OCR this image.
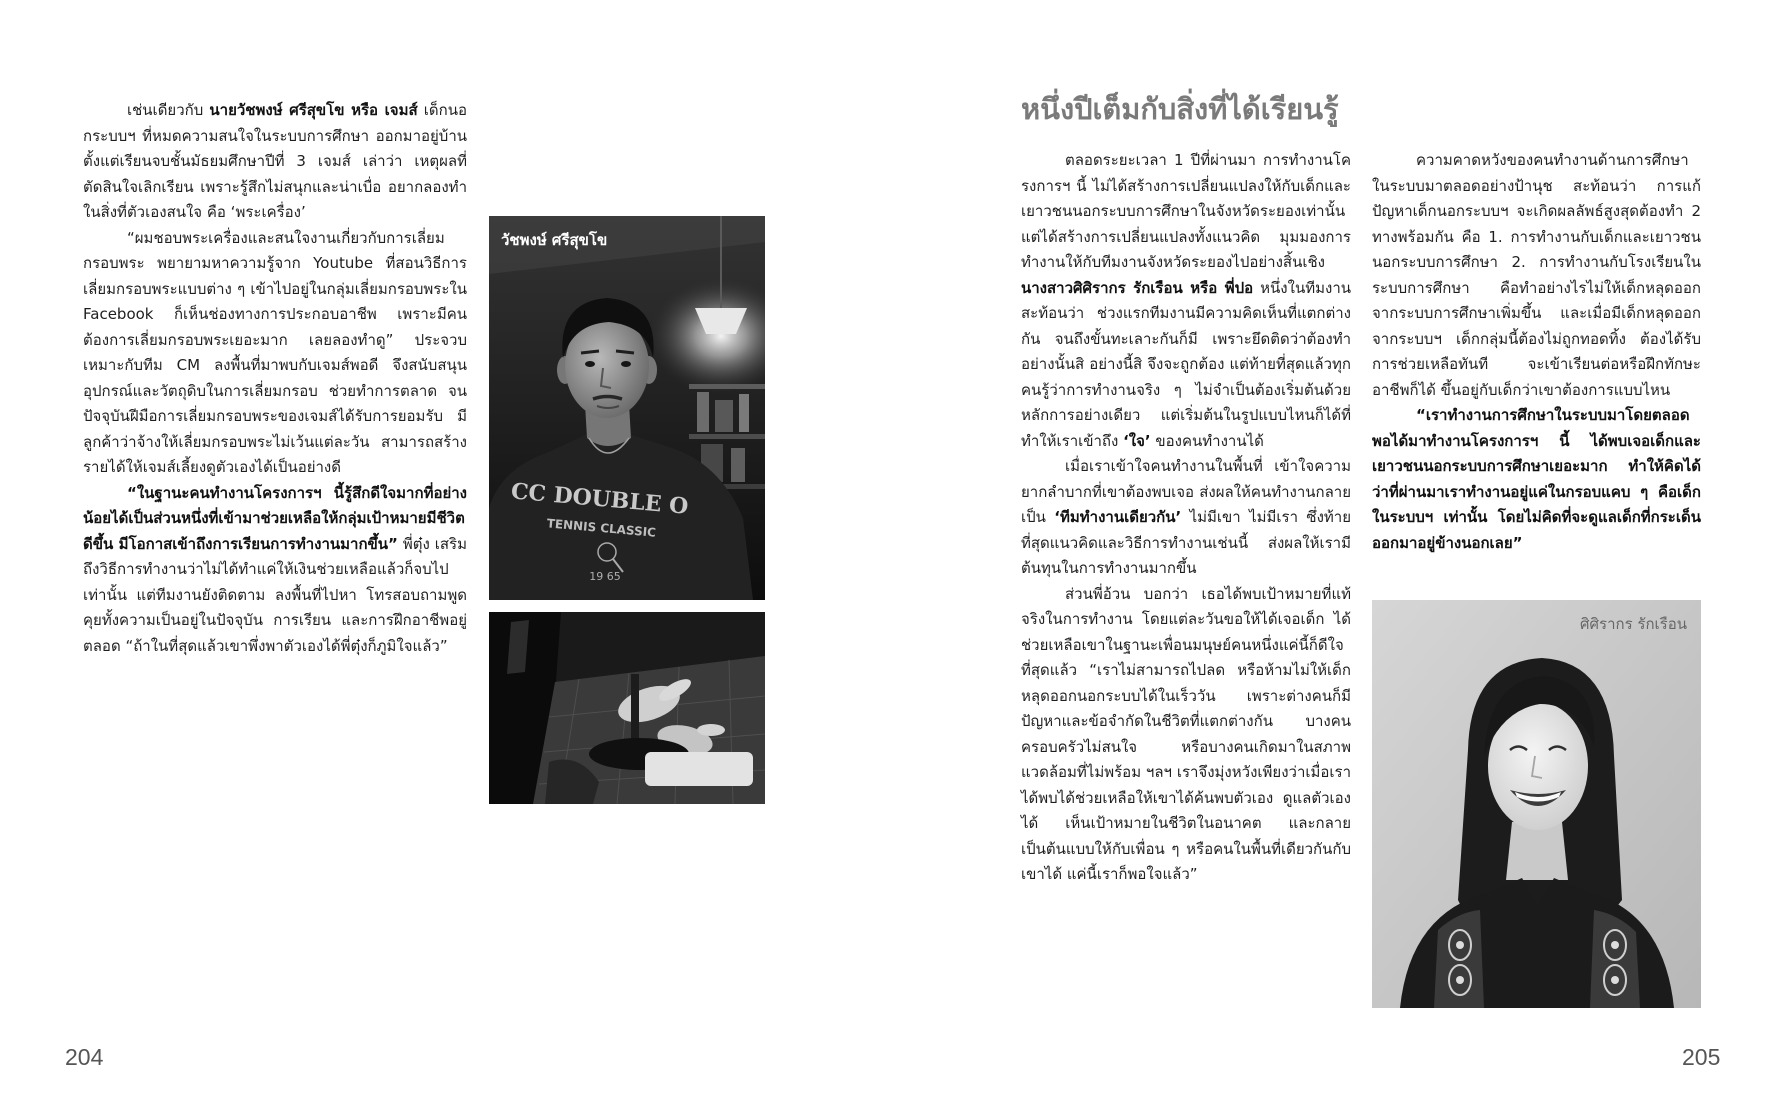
เช่นเดียวกับ นายวัชพงษ์ ศรีสุขโข หรือ เจมส์ เด็กนอกระบบฯ ที่หมดความสนใจในระบบการศึกษา ออกมาอยู่บ้านตั้งแต่เรียนจบชั้นมัธยมศึกษาปีที่ 3 เจมส์ เล่าว่า เหตุผลที่ตัดสินใจเลิกเรียน เพราะรู้สึกไม่สนุกและน่าเบื่อ อยากลองทำในสิ่งที่ตัวเองสนใจ คือ ‘พระเครื่อง’

“ผมชอบพระเครื่องและสนใจงานเกี่ยวกับการเลี่ยมกรอบพระ พยายามหาความรู้จาก Youtube ที่สอนวิธีการเลี่ยมกรอบพระแบบต่าง ๆ เข้าไปอยู่ในกลุ่มเลี่ยมกรอบพระใน Facebook ก็เห็นช่องทางการประกอบอาชีพ เพราะมีคนต้องการเลี่ยมกรอบพระเยอะมาก เลยลองทำดู” ประจวบเหมาะกับทีม CM ลงพื้นที่มาพบกับเจมส์พอดี จึงสนับสนุนอุปกรณ์และวัตถุดิบในการเลี่ยมกรอบ ช่วยทำการตลาด จนปัจจุบันฝีมือการเลี่ยมกรอบพระของเจมส์ได้รับการยอมรับ มีลูกค้าว่าจ้างให้เลี่ยมกรอบพระไม่เว้นแต่ละวัน สามารถสร้างรายได้ให้เจมส์เลี้ยงดูตัวเองได้เป็นอย่างดี

“ในฐานะคนทำงานโครงการฯ นี้รู้สึกดีใจมากที่อย่างน้อยได้เป็นส่วนหนึ่งที่เข้ามาช่วยเหลือให้กลุ่มเป้าหมายมีชีวิตดีขึ้น มีโอกาสเข้าถึงการเรียนการทำงานมากขึ้น” พี่ตุ๋ง เสริมถึงวิธีการทำงานว่าไม่ได้ทำแค่ให้เงินช่วยเหลือแล้วก็จบไปเท่านั้น แต่ทีมงานยังติดตาม ลงพื้นที่ไปหา โทรสอบถามพูดคุยทั้งความเป็นอยู่ในปัจจุบัน การเรียน และการฝึกอาชีพอยู่ตลอด “ถ้าในที่สุดแล้วเขาพึ่งพาตัวเองได้พี่ตุ๋งก็ภูมิใจแล้ว”

CC DOUBLE O
TENNIS CLASSIC
19 65
วัชพงษ์ ศรีสุขโข
204
หนึ่งปีเต็มกับสิ่งที่ได้เรียนรู้

ตลอดระยะเวลา 1 ปีที่ผ่านมา การทำงานโครงการฯ นี้ ไม่ได้สร้างการเปลี่ยนแปลงให้กับเด็กและเยาวชนนอกระบบการศึกษาในจังหวัดระยองเท่านั้น แต่ได้สร้างการเปลี่ยนแปลงทั้งแนวคิด มุมมองการทำงานให้กับทีมงานจังหวัดระยองไปอย่างสิ้นเชิง นางสาวศิศิรากร รักเรือน หรือ พี่ปอ หนึ่งในทีมงานสะท้อนว่า ช่วงแรกทีมงานมีความคิดเห็นที่แตกต่างกัน จนถึงขั้นทะเลาะกันก็มี เพราะยึดติดว่าต้องทำอย่างนั้นสิ อย่างนี้สิ จึงจะถูกต้อง แต่ท้ายที่สุดแล้วทุกคนรู้ว่าการทำงานจริง ๆ ไม่จำเป็นต้องเริ่มต้นด้วยหลักการอย่างเดียว แต่เริ่มต้นในรูปแบบไหนก็ได้ที่ทำให้เราเข้าถึง ‘ใจ’ ของคนทำงานได้

เมื่อเราเข้าใจคนทำงานในพื้นที่ เข้าใจความยากลำบากที่เขาต้องพบเจอ ส่งผลให้คนทำงานกลายเป็น ‘ทีมทำงานเดียวกัน’ ไม่มีเขา ไม่มีเรา ซึ่งท้ายที่สุดแนวคิดและวิธีการทำงานเช่นนี้ ส่งผลให้เรามีต้นทุนในการทำงานมากขึ้น

ส่วนพี่อ้วน บอกว่า เธอได้พบเป้าหมายที่แท้จริงในการทำงาน โดยแต่ละวันขอให้ได้เจอเด็ก ได้ช่วยเหลือเขาในฐานะเพื่อนมนุษย์คนหนึ่งแค่นี้ก็ดีใจที่สุดแล้ว “เราไม่สามารถไปลด หรือห้ามไม่ให้เด็กหลุดออกนอกระบบได้ในเร็ววัน เพราะต่างคนก็มีปัญหาและข้อจำกัดในชีวิตที่แตกต่างกัน บางคนครอบครัวไม่สนใจ หรือบางคนเกิดมาในสภาพแวดล้อมที่ไม่พร้อม ฯลฯ เราจึงมุ่งหวังเพียงว่าเมื่อเราได้พบได้ช่วยเหลือให้เขาได้ค้นพบตัวเอง ดูแลตัวเองได้ เห็นเป้าหมายในชีวิตในอนาคต และกลายเป็นต้นแบบให้กับเพื่อน ๆ หรือคนในพื้นที่เดียวกันกับเขาได้ แค่นี้เราก็พอใจแล้ว”

ความคาดหวังของคนทำงานด้านการศึกษาในระบบมาตลอดอย่างป้านุช สะท้อนว่า การแก้ปัญหาเด็กนอกระบบฯ จะเกิดผลลัพธ์สูงสุดต้องทำ 2 ทางพร้อมกัน คือ 1. การทำงานกับเด็กและเยาวชนนอกระบบการศึกษา 2. การทำงานกับโรงเรียนในระบบการศึกษา คือทำอย่างไรไม่ให้เด็กหลุดออกจากระบบการศึกษาเพิ่มขึ้น และเมื่อมีเด็กหลุดออกจากระบบฯ เด็กกลุ่มนี้ต้องไม่ถูกทอดทิ้ง ต้องได้รับการช่วยเหลือทันที จะเข้าเรียนต่อหรือฝึกทักษะอาชีพก็ได้ ขึ้นอยู่กับเด็กว่าเขาต้องการแบบไหน

“เราทำงานการศึกษาในระบบมาโดยตลอด พอได้มาทำงานโครงการฯ นี้ ได้พบเจอเด็กและเยาวชนนอกระบบการศึกษาเยอะมาก ทำให้คิดได้ว่าที่ผ่านมาเราทำงานอยู่แค่ในกรอบแคบ ๆ คือเด็กในระบบฯ เท่านั้น โดยไม่คิดที่จะดูแลเด็กที่กระเด็นออกมาอยู่ข้างนอกเลย”

ศิศิรากร รักเรือน
205
